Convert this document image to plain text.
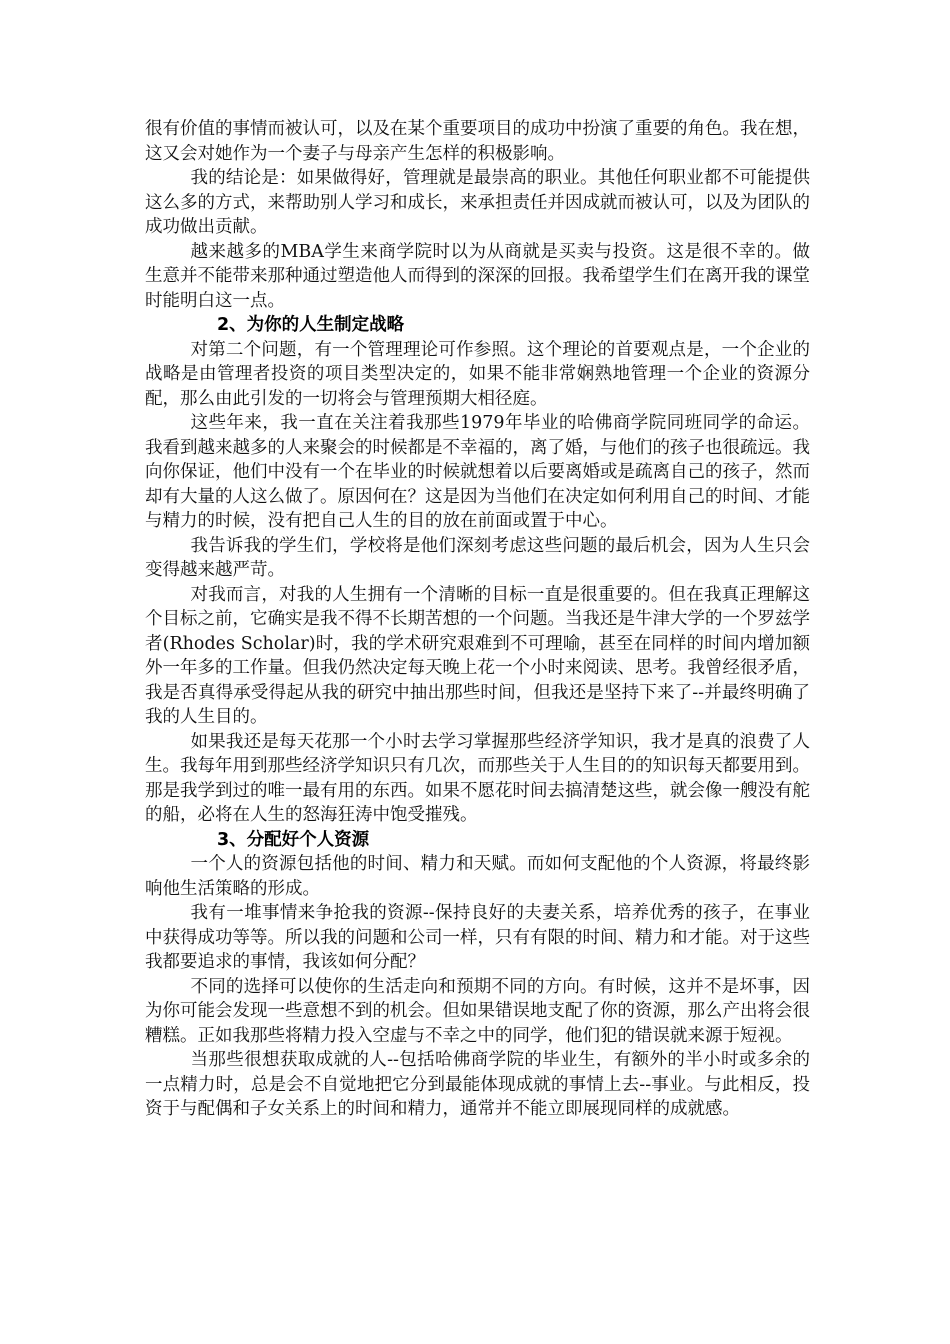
很有价值的事情而被认可，以及在某个重要项目的成功中扮演了重要的角色。我在想，这又会对她作为一个妻子与母亲产生怎样的积极影响。

我的结论是：如果做得好，管理就是最崇高的职业。其他任何职业都不可能提供这么多的方式，来帮助别人学习和成长，来承担责任并因成就而被认可，以及为团队的成功做出贡献。

越来越多的MBA学生来商学院时以为从商就是买卖与投资。这是很不幸的。做生意并不能带来那种通过塑造他人而得到的深深的回报。我希望学生们在离开我的课堂时能明白这一点。

2、为你的人生制定战略

对第二个问题，有一个管理理论可作参照。这个理论的首要观点是，一个企业的战略是由管理者投资的项目类型决定的，如果不能非常娴熟地管理一个企业的资源分配，那么由此引发的一切将会与管理预期大相径庭。

这些年来，我一直在关注着我那些1979年毕业的哈佛商学院同班同学的命运。我看到越来越多的人来聚会的时候都是不幸福的，离了婚，与他们的孩子也很疏远。我向你保证，他们中没有一个在毕业的时候就想着以后要离婚或是疏离自己的孩子，然而却有大量的人这么做了。原因何在？这是因为当他们在决定如何利用自己的时间、才能与精力的时候，没有把自己人生的目的放在前面或置于中心。

我告诉我的学生们，学校将是他们深刻考虑这些问题的最后机会，因为人生只会变得越来越严苛。

对我而言，对我的人生拥有一个清晰的目标一直是很重要的。但在我真正理解这个目标之前，它确实是我不得不长期苦想的一个问题。当我还是牛津大学的一个罗兹学者(Rhodes Scholar)时，我的学术研究艰难到不可理喻，甚至在同样的时间内增加额外一年多的工作量。但我仍然决定每天晚上花一个小时来阅读、思考。我曾经很矛盾，我是否真得承受得起从我的研究中抽出那些时间，但我还是坚持下来了--并最终明确了我的人生目的。

如果我还是每天花那一个小时去学习掌握那些经济学知识，我才是真的浪费了人生。我每年用到那些经济学知识只有几次，而那些关于人生目的的知识每天都要用到。那是我学到过的唯一最有用的东西。如果不愿花时间去搞清楚这些，就会像一艘没有舵的船，必将在人生的怒海狂涛中饱受摧残。

3、分配好个人资源

一个人的资源包括他的时间、精力和天赋。而如何支配他的个人资源，将最终影响他生活策略的形成。

我有一堆事情来争抢我的资源--保持良好的夫妻关系，培养优秀的孩子，在事业中获得成功等等。所以我的问题和公司一样，只有有限的时间、精力和才能。对于这些我都要追求的事情，我该如何分配？

不同的选择可以使你的生活走向和预期不同的方向。有时候，这并不是坏事，因为你可能会发现一些意想不到的机会。但如果错误地支配了你的资源，那么产出将会很糟糕。正如我那些将精力投入空虚与不幸之中的同学，他们犯的错误就来源于短视。

当那些很想获取成就的人--包括哈佛商学院的毕业生，有额外的半小时或多余的一点精力时，总是会不自觉地把它分到最能体现成就的事情上去--事业。与此相反，投资于与配偶和子女关系上的时间和精力，通常并不能立即展现同样的成就感。
